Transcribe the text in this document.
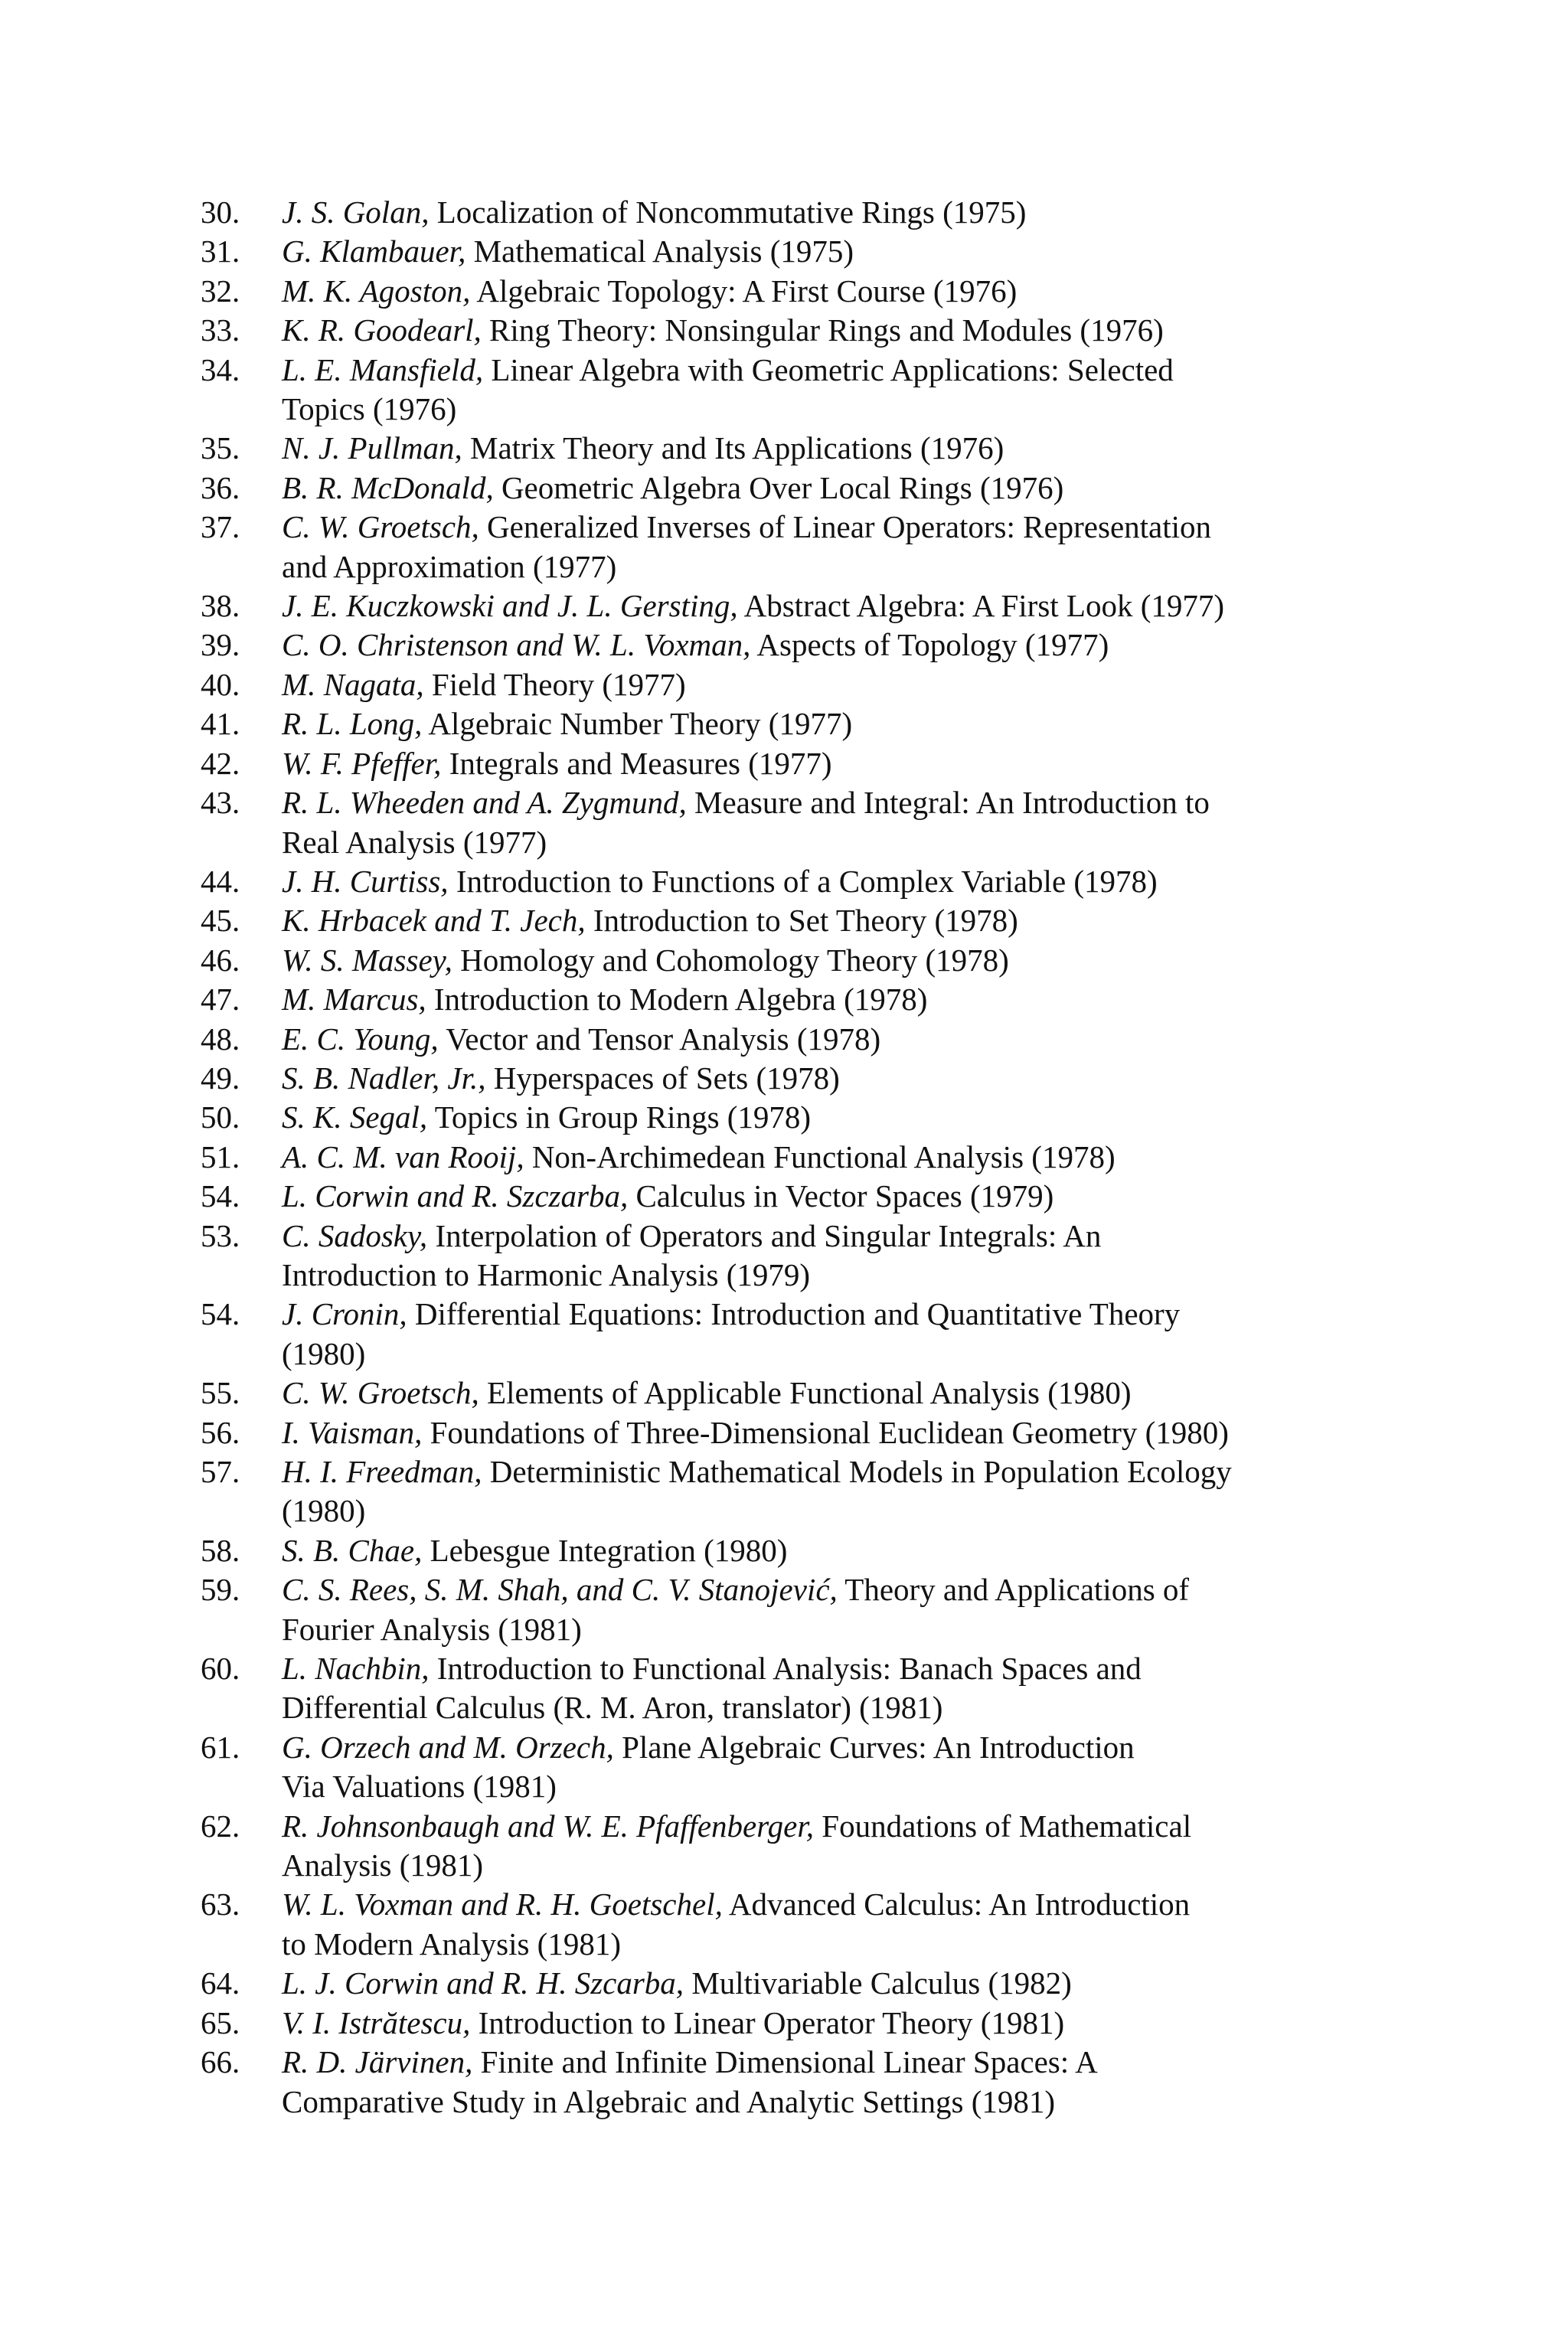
30.	J. S. Golan, Localization of Noncommutative Rings (1975)
31.	G. Klambauer, Mathematical Analysis (1975)
32.	M. K. Agoston, Algebraic Topology: A First Course (1976)
33.	K. R. Goodearl, Ring Theory: Nonsingular Rings and Modules (1976)
34.	L. E. Mansfield, Linear Algebra with Geometric Applications: Selected
Topics (1976)
35.	N. J. Pullman, Matrix Theory and Its Applications (1976)
36.	B. R. McDonald, Geometric Algebra Over Local Rings (1976)
37.	C. W. Groetsch, Generalized Inverses of Linear Operators: Representation
and Approximation (1977)
38.	J. E. Kuczkowski and J. L. Gersting, Abstract Algebra: A First Look (1977)
39.	C. O. Christenson and W. L. Voxman, Aspects of Topology (1977)
40.	M. Nagata, Field Theory (1977)
41.	R. L. Long, Algebraic Number Theory (1977)
42.	W. F. Pfeffer, Integrals and Measures (1977)
43.	R. L. Wheeden and A. Zygmund, Measure and Integral: An Introduction to
Real Analysis (1977)
44.	J. H. Curtiss, Introduction to Functions of a Complex Variable (1978)
45.	K. Hrbacek and T. Jech, Introduction to Set Theory (1978)
46.	W. S. Massey, Homology and Cohomology Theory (1978)
47.	M. Marcus, Introduction to Modern Algebra (1978)
48.	E. C. Young, Vector and Tensor Analysis (1978)
49.	S. B. Nadler, Jr., Hyperspaces of Sets (1978)
50.	S. K. Segal, Topics in Group Rings (1978)
51.	A. C. M. van Rooij, Non-Archimedean Functional Analysis (1978)
54.	L. Corwin and R. Szczarba, Calculus in Vector Spaces (1979)
53.	C. Sadosky, Interpolation of Operators and Singular Integrals: An
Introduction to Harmonic Analysis (1979)
54.	J. Cronin, Differential Equations: Introduction and Quantitative Theory
(1980)
55.	C. W. Groetsch, Elements of Applicable Functional Analysis (1980)
56.	I. Vaisman, Foundations of Three-Dimensional Euclidean Geometry (1980)
57.	H. I. Freedman, Deterministic Mathematical Models in Population Ecology
(1980)
58.	S. B. Chae, Lebesgue Integration (1980)
59.	C. S. Rees, S. M. Shah, and C. V. Stanojević, Theory and Applications of
Fourier Analysis (1981)
60.	L. Nachbin, Introduction to Functional Analysis: Banach Spaces and
Differential Calculus (R. M. Aron, translator) (1981)
61.	G. Orzech and M. Orzech, Plane Algebraic Curves: An Introduction
Via Valuations (1981)
62.	R. Johnsonbaugh and W. E. Pfaffenberger, Foundations of Mathematical
Analysis (1981)
63.	W. L. Voxman and R. H. Goetschel, Advanced Calculus: An Introduction
to Modern Analysis (1981)
64.	L. J. Corwin and R. H. Szcarba, Multivariable Calculus (1982)
65.	V. I. Istrătescu, Introduction to Linear Operator Theory (1981)
66.	R. D. Järvinen, Finite and Infinite Dimensional Linear Spaces: A
Comparative Study in Algebraic and Analytic Settings (1981)
